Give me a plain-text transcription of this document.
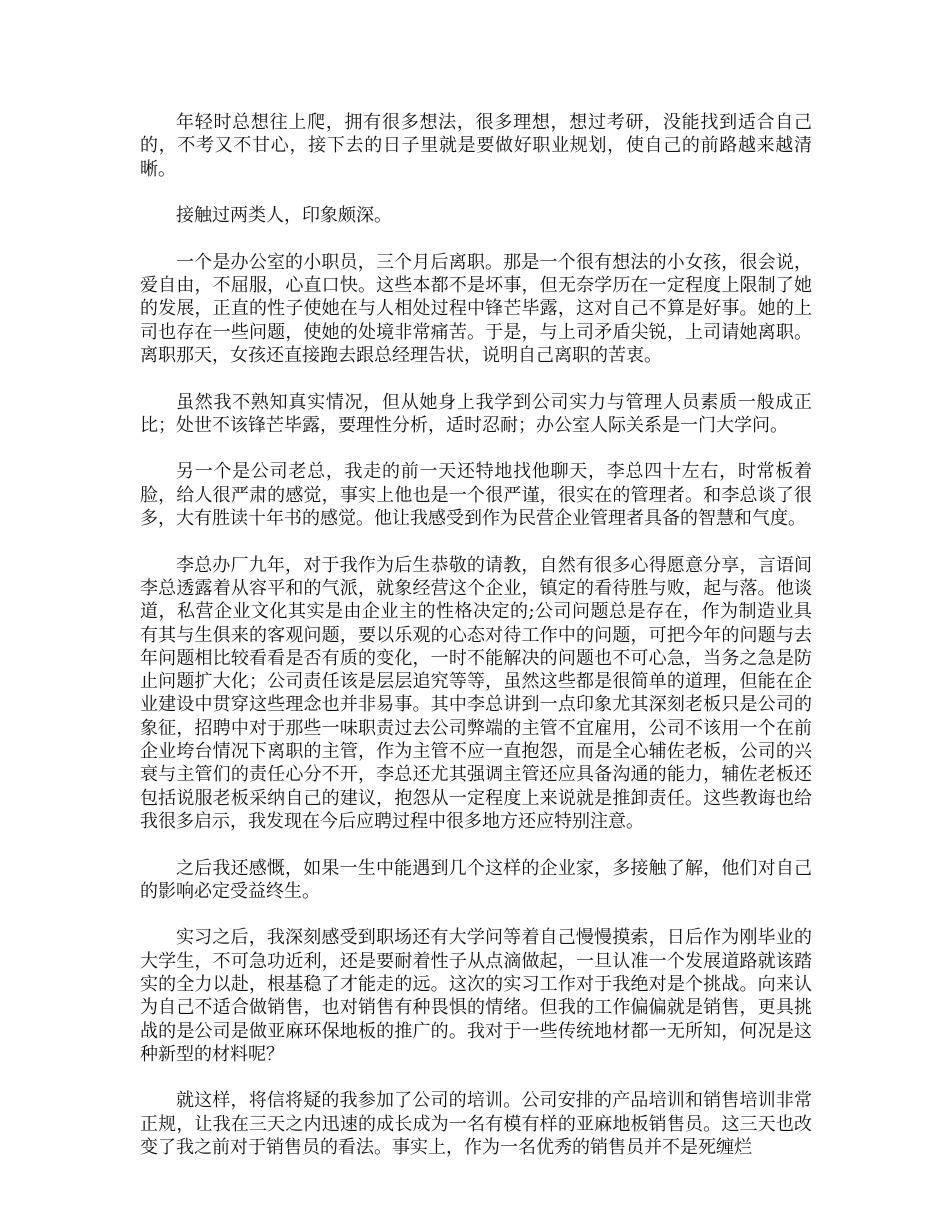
年轻时总想往上爬，拥有很多想法，很多理想，想过考研，没能找到适合自己的，不考又不甘心，接下去的日子里就是要做好职业规划，使自己的前路越来越清晰。

接触过两类人，印象颇深。

一个是办公室的小职员，三个月后离职。那是一个很有想法的小女孩，很会说，爱自由，不屈服，心直口快。这些本都不是坏事，但无奈学历在一定程度上限制了她的发展，正直的性子使她在与人相处过程中锋芒毕露，这对自己不算是好事。她的上司也存在一些问题，使她的处境非常痛苦。于是，与上司矛盾尖锐，上司请她离职。离职那天，女孩还直接跑去跟总经理告状，说明自己离职的苦衷。

虽然我不熟知真实情况，但从她身上我学到公司实力与管理人员素质一般成正比；处世不该锋芒毕露，要理性分析，适时忍耐；办公室人际关系是一门大学问。

另一个是公司老总，我走的前一天还特地找他聊天，李总四十左右，时常板着脸，给人很严肃的感觉，事实上他也是一个很严谨，很实在的管理者。和李总谈了很多，大有胜读十年书的感觉。他让我感受到作为民营企业管理者具备的智慧和气度。

李总办厂九年，对于我作为后生恭敬的请教，自然有很多心得愿意分享，言语间李总透露着从容平和的气派，就象经营这个企业，镇定的看待胜与败，起与落。他谈道，私营企业文化其实是由企业主的性格决定的;公司问题总是存在，作为制造业具有其与生俱来的客观问题，要以乐观的心态对待工作中的问题，可把今年的问题与去年问题相比较看看是否有质的变化，一时不能解决的问题也不可心急，当务之急是防止问题扩大化；公司责任该是层层追究等等，虽然这些都是很简单的道理，但能在企业建设中贯穿这些理念也并非易事。其中李总讲到一点印象尤其深刻老板只是公司的象征，招聘中对于那些一味职责过去公司弊端的主管不宜雇用，公司不该用一个在前企业垮台情况下离职的主管，作为主管不应一直抱怨，而是全心辅佐老板，公司的兴衰与主管们的责任心分不开，李总还尤其强调主管还应具备沟通的能力，辅佐老板还包括说服老板采纳自己的建议，抱怨从一定程度上来说就是推卸责任。这些教诲也给我很多启示，我发现在今后应聘过程中很多地方还应特别注意。

之后我还感慨，如果一生中能遇到几个这样的企业家，多接触了解，他们对自己的影响必定受益终生。

实习之后，我深刻感受到职场还有大学问等着自己慢慢摸索，日后作为刚毕业的大学生，不可急功近利，还是要耐着性子从点滴做起，一旦认准一个发展道路就该踏实的全力以赴，根基稳了才能走的远。这次的实习工作对于我绝对是个挑战。向来认为自己不适合做销售，也对销售有种畏惧的情绪。但我的工作偏偏就是销售，更具挑战的是公司是做亚麻环保地板的推广的。我对于一些传统地材都一无所知，何况是这种新型的材料呢？

就这样，将信将疑的我参加了公司的培训。公司安排的产品培训和销售培训非常正规，让我在三天之内迅速的成长成为一名有模有样的亚麻地板销售员。这三天也改变了我之前对于销售员的看法。事实上，作为一名优秀的销售员并不是死缠烂
